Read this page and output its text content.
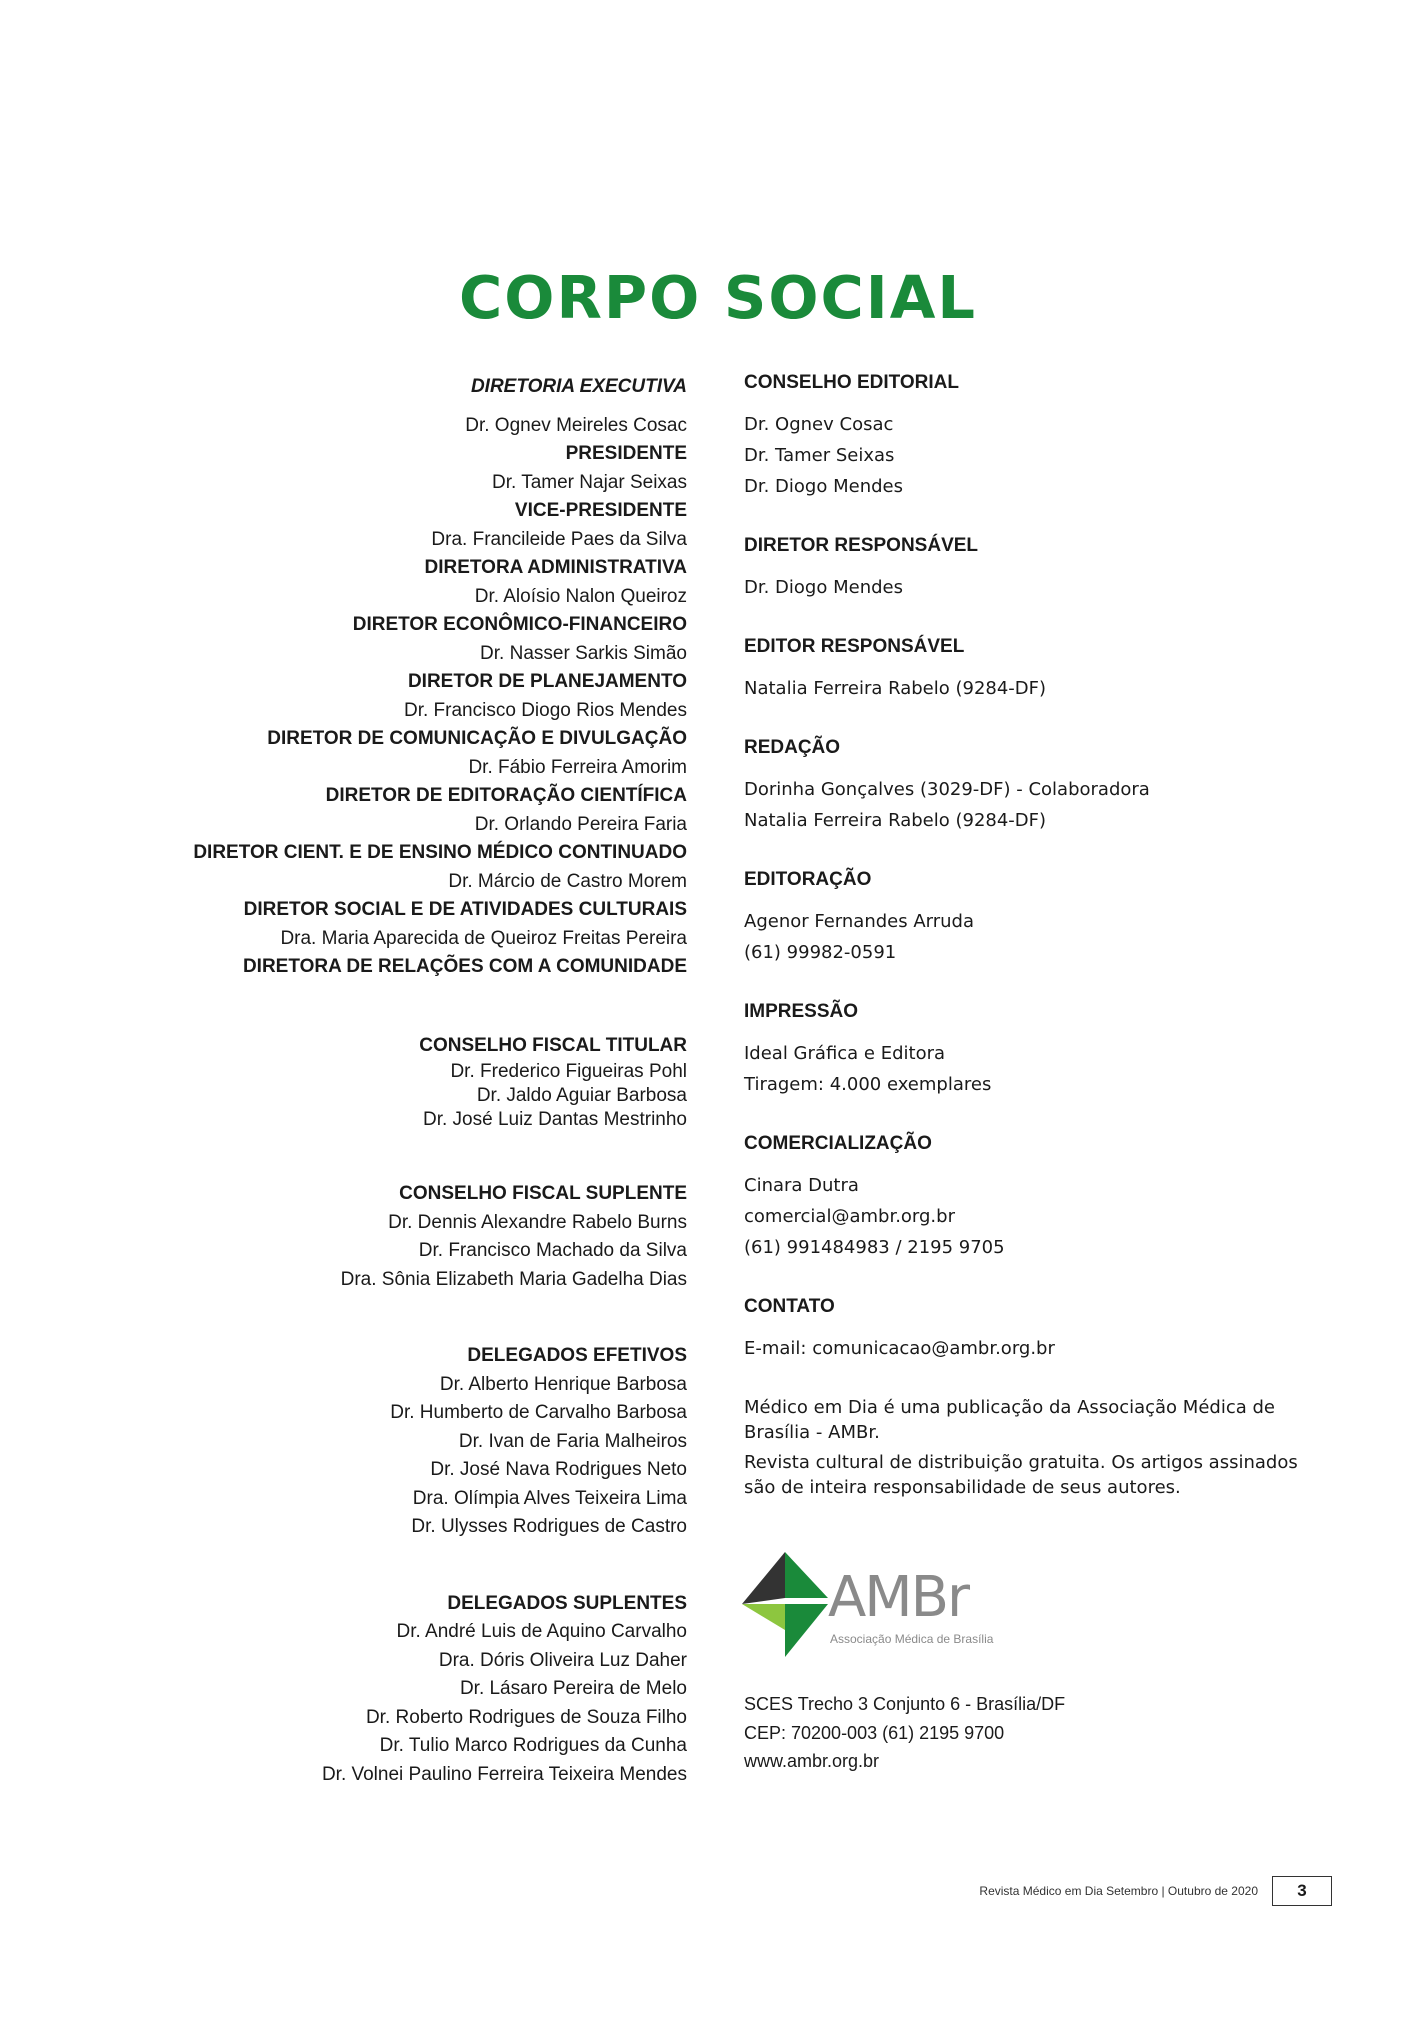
CORPO SOCIAL
DIRETORIA EXECUTIVA
Dr. Ognev Meireles Cosac
PRESIDENTE
Dr. Tamer Najar Seixas
VICE-PRESIDENTE
Dra. Francileide Paes da Silva
DIRETORA ADMINISTRATIVA
Dr. Aloísio Nalon Queiroz
DIRETOR ECONÔMICO-FINANCEIRO
Dr. Nasser Sarkis Simão
DIRETOR DE PLANEJAMENTO
Dr. Francisco Diogo Rios Mendes
DIRETOR DE COMUNICAÇÃO E DIVULGAÇÃO
Dr. Fábio Ferreira Amorim
DIRETOR DE EDITORAÇÃO CIENTÍFICA
Dr. Orlando Pereira Faria
DIRETOR CIENT. E DE ENSINO MÉDICO CONTINUADO
Dr. Márcio de Castro Morem
DIRETOR SOCIAL E DE ATIVIDADES CULTURAIS
Dra. Maria Aparecida de Queiroz Freitas Pereira
DIRETORA DE RELAÇÕES COM A COMUNIDADE
CONSELHO FISCAL TITULAR
Dr. Frederico Figueiras Pohl
Dr. Jaldo Aguiar Barbosa
Dr. José Luiz Dantas Mestrinho
CONSELHO FISCAL SUPLENTE
Dr. Dennis Alexandre Rabelo Burns
Dr. Francisco Machado da Silva
Dra. Sônia Elizabeth Maria Gadelha Dias
DELEGADOS EFETIVOS
Dr. Alberto Henrique Barbosa
Dr. Humberto de Carvalho Barbosa
Dr. Ivan de Faria Malheiros
Dr. José Nava Rodrigues Neto
Dra. Olímpia Alves Teixeira Lima
Dr. Ulysses Rodrigues de Castro
DELEGADOS SUPLENTES
Dr. André Luis de Aquino Carvalho
Dra. Dóris Oliveira Luz Daher
Dr. Lásaro Pereira de Melo
Dr. Roberto Rodrigues de Souza Filho
Dr. Tulio Marco Rodrigues da Cunha
Dr. Volnei Paulino Ferreira Teixeira Mendes
CONSELHO EDITORIAL
Dr. Ognev Cosac
Dr. Tamer Seixas
Dr. Diogo Mendes
DIRETOR RESPONSÁVEL
Dr. Diogo Mendes
EDITOR RESPONSÁVEL
Natalia Ferreira Rabelo (9284-DF)
REDAÇÃO
Dorinha Gonçalves (3029-DF) - Colaboradora
Natalia Ferreira Rabelo (9284-DF)
EDITORAÇÃO
Agenor Fernandes Arruda
(61) 99982-0591
IMPRESSÃO
Ideal Gráfica e Editora
Tiragem: 4.000 exemplares
COMERCIALIZAÇÃO
Cinara Dutra
comercial@ambr.org.br
(61) 991484983 / 2195 9705
CONTATO
E-mail: comunicacao@ambr.org.br
Médico em Dia é uma publicação da Associação Médica de Brasília - AMBr.
Revista cultural de distribuição gratuita. Os artigos assinados são de inteira responsabilidade de seus autores.
AMBr
Associação Médica de Brasília
SCES Trecho 3 Conjunto 6 - Brasília/DF
CEP: 70200-003 (61) 2195 9700
www.ambr.org.br
Revista Médico em Dia Setembro | Outubro de 2020	3
